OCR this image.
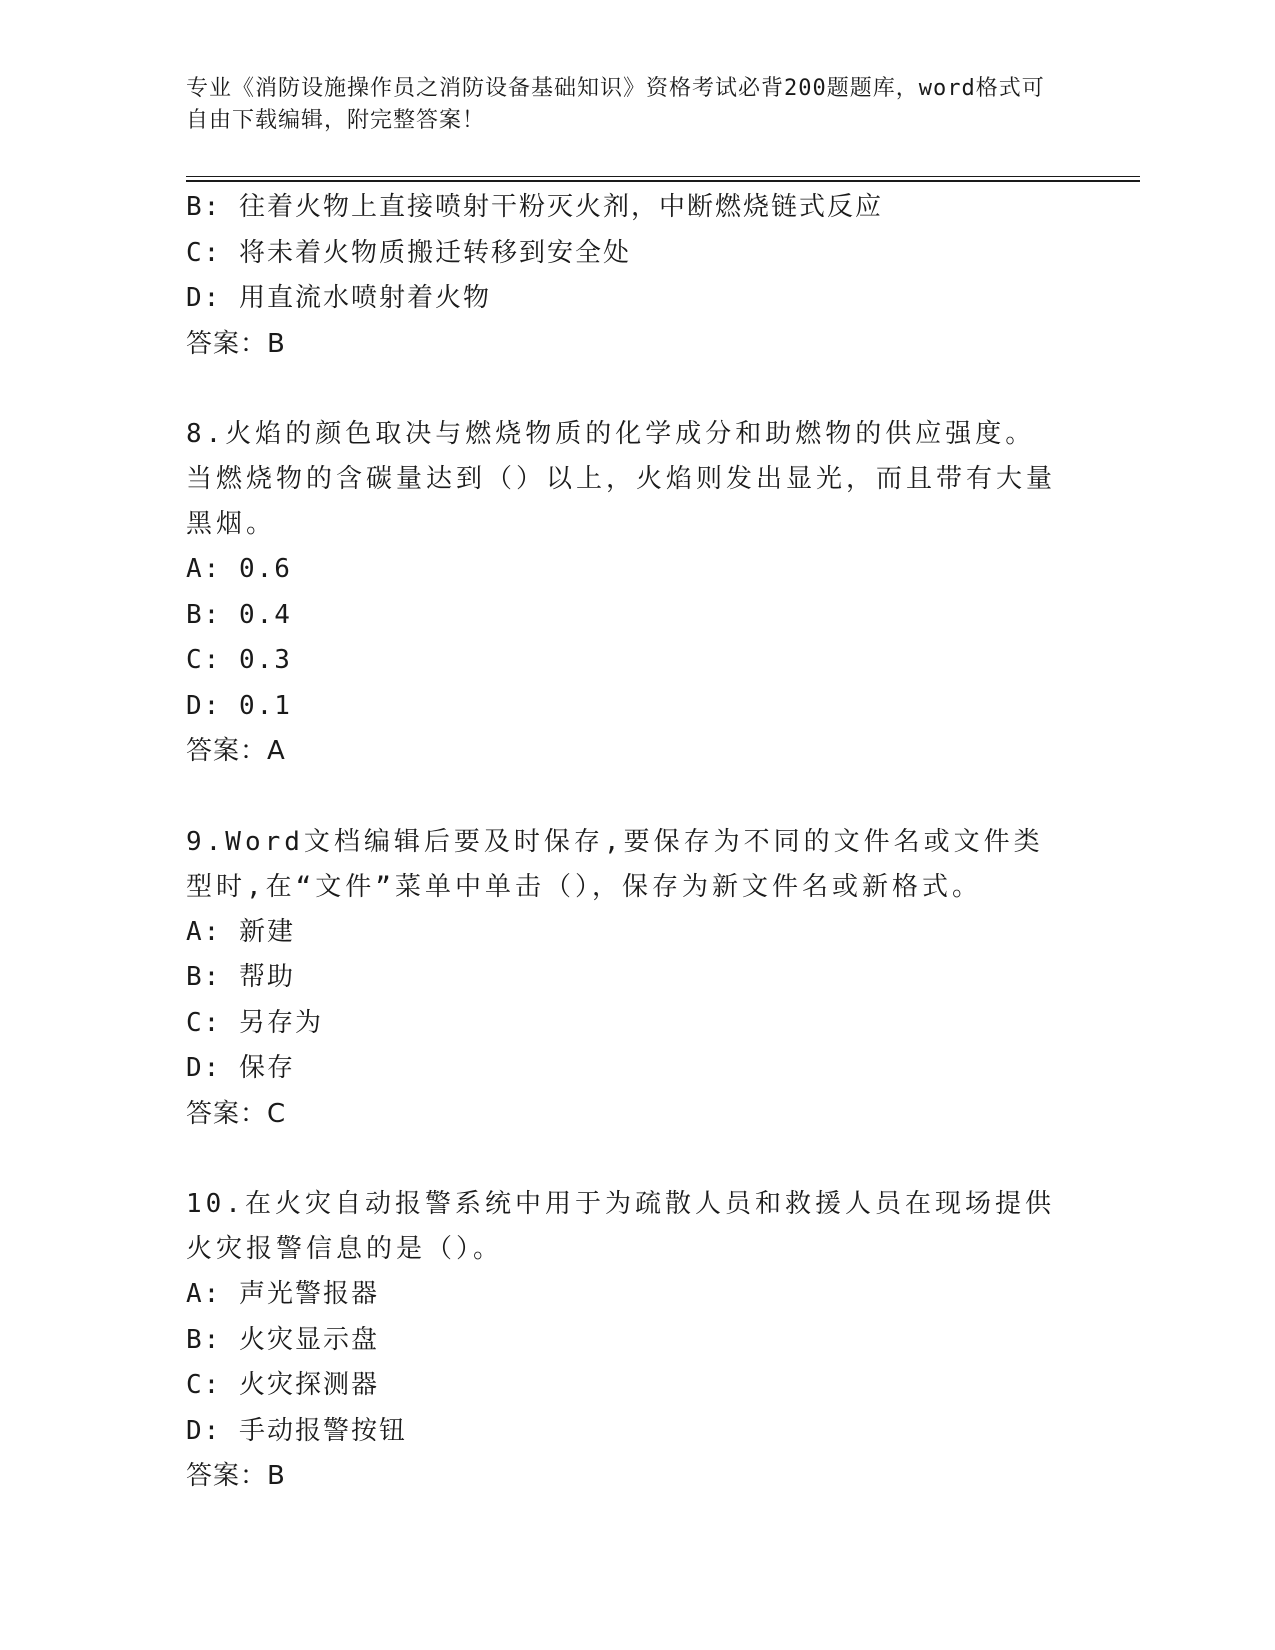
专业《消防设施操作员之消防设备基础知识》资格考试必背200题题库，word格式可自由下载编辑，附完整答案！
B: 往着火物上直接喷射干粉灭火剂，中断燃烧链式反应
C: 将未着火物质搬迁转移到安全处
D: 用直流水喷射着火物
答案：B
8.火焰的颜色取决与燃烧物质的化学成分和助燃物的供应强度。当燃烧物的含碳量达到（）以上，火焰则发出显光，而且带有大量黑烟。
A: 0.6
B: 0.4
C: 0.3
D: 0.1
答案：A
9.Word文档编辑后要及时保存,要保存为不同的文件名或文件类型时,在“文件”菜单中单击（），保存为新文件名或新格式。
A: 新建
B: 帮助
C: 另存为
D: 保存
答案：C
10.在火灾自动报警系统中用于为疏散人员和救援人员在现场提供火灾报警信息的是（）。
A: 声光警报器
B: 火灾显示盘
C: 火灾探测器
D: 手动报警按钮
答案：B
